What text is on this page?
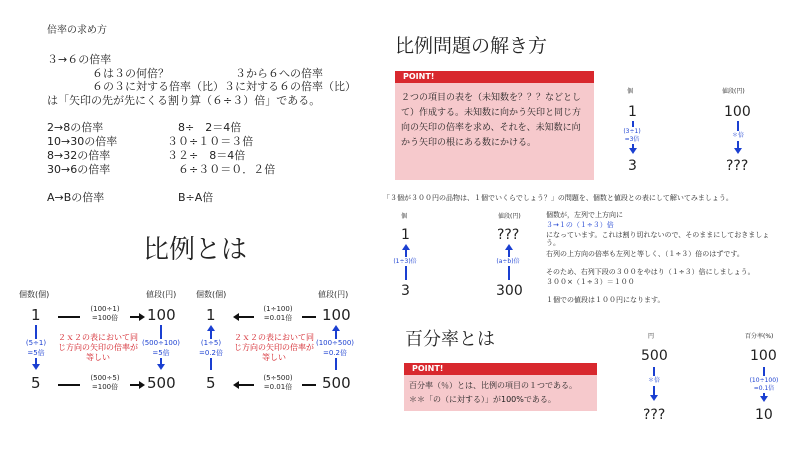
倍率の求め方
３→６の倍率
６は３の何倍？	３から６への倍率
６の３に対する倍率（比）３に対する６の倍率（比）
は「矢印の先が先にくる割り算（６÷３）倍」である。
2→8の倍率	8÷　2＝4倍
10→30の倍率	３０÷１０＝３倍
8→32の倍率	３２÷　8＝4倍
30→6の倍率	６÷３０＝０．２倍
A→Bの倍率	B÷A倍
比例とは
個数(個)	値段(円)
1	100
5	500
(100÷1)
=100倍
(500÷5)
=100倍
(5÷1)
=5倍
(500÷100)
=5倍
２ｘ２の表において同じ方向の矢印の倍率が等しい
個数(個)	値段(円)
1	100
5	500
(1÷100)
=0.01倍
(5÷500)
=0.01倍
(1÷5)
=0.2倍
(100÷500)
=0.2倍
２ｘ２の表において同じ方向の矢印の倍率が等しい
比例問題の解き方
POINT!
２つの項目の表を（未知数を？？？などとして）作成する。未知数に向かう矢印と同じ方向の矢印の倍率を求め、それを、未知数に向かう矢印の根にある数にかける。
個	値段(円)
1	100
3	???
(3÷1)
=3倍
＊倍
「３個が３００円の品物は、１個でいくらでしょう？」の問題を、個数と値段との表にして解いてみましょう。
個	値段(円)
1	???
3	300
(1÷3)倍	(a÷b)倍
個数が，左列で上方向に
３→１の（１÷３）倍
になっています。これは割り切れないので、そのままにしておきましょう。
右列の上方向の倍率も左列と等しく、（１÷３）倍のはずです。
そのため、右列下段の３００をやはり（１÷３）倍にしましょう。
３００×（１÷３）＝１００
１個での値段は１００円になります。
百分率とは
POINT!
百分率（％）とは、比例の項目の１つである。
＊＊「の（に対する）」が100%である。
円	百分率(%)
500	100
???	10
＊倍	(10÷100)
=0.1倍
